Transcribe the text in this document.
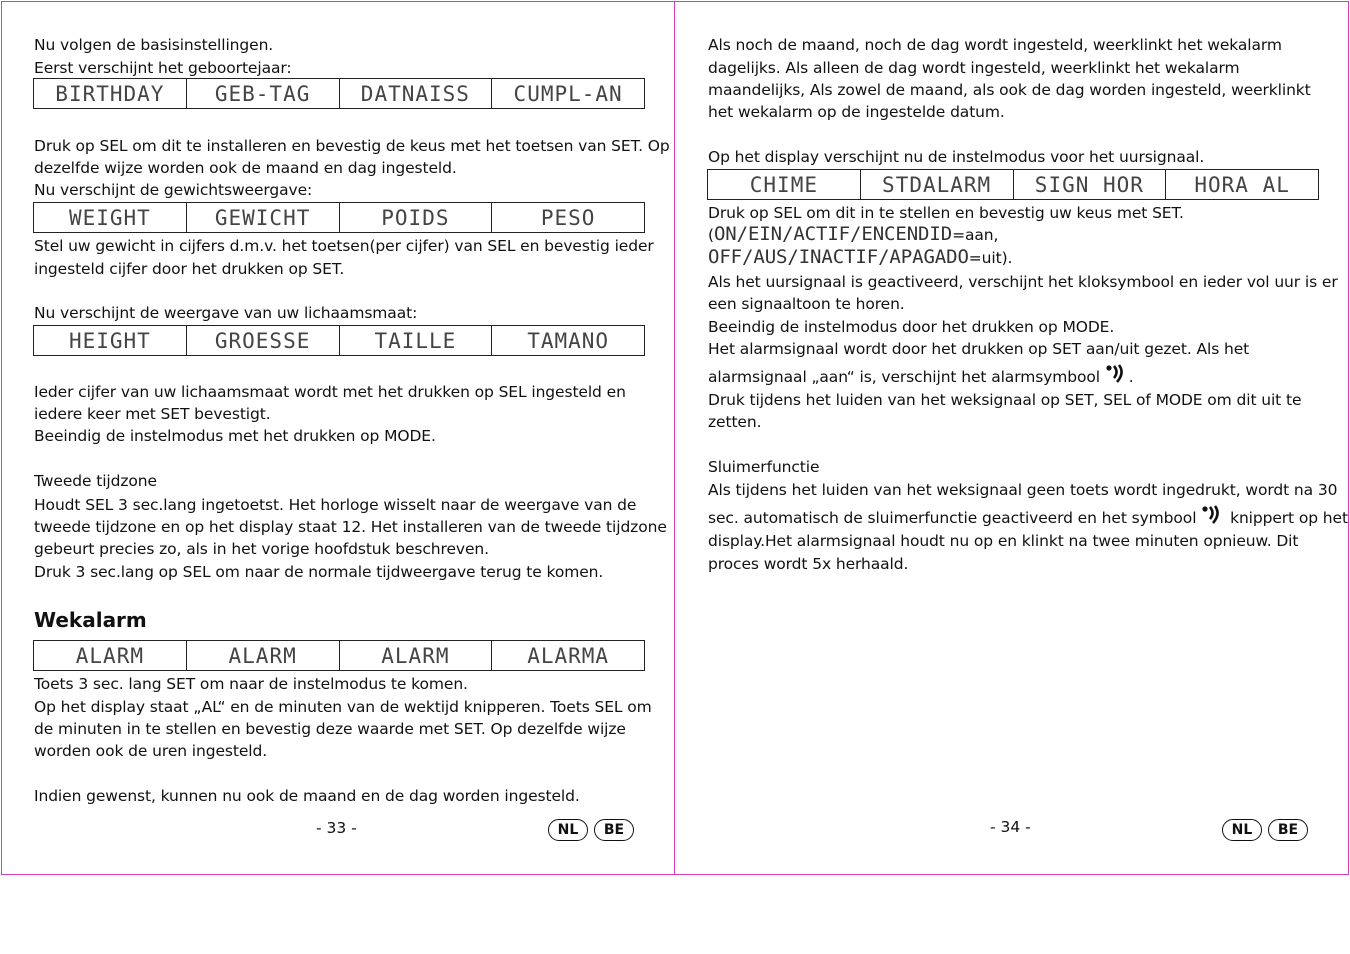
Nu volgen de basisinstellingen.
Eerst verschijnt het geboortejaar:
BIRTHDAY	GEB-TAG	DATNAISS	CUMPL-AN
Druk op SEL om dit te installeren en bevestig de keus met het toetsen van SET. Op
dezelfde wijze worden ook de maand en dag ingesteld.
Nu verschijnt de gewichtsweergave:
WEIGHT	GEWICHT	POIDS	PESO
Stel uw gewicht in cijfers d.m.v. het toetsen(per cijfer) van SEL en bevestig ieder
ingesteld cijfer door het drukken op SET.
Nu verschijnt de weergave van uw lichaamsmaat:
HEIGHT	GROESSE	TAILLE	TAMANO
Ieder cijfer van uw lichaamsmaat wordt met het drukken op SEL ingesteld en
iedere keer met SET bevestigt.
Beeindig de instelmodus met het drukken op MODE.
Tweede tijdzone
Houdt SEL 3 sec.lang ingetoetst. Het horloge wisselt naar de weergave van de
tweede tijdzone en op het display staat 12. Het installeren van de tweede tijdzone
gebeurt precies zo, als in het vorige hoofdstuk beschreven.
Druk 3 sec.lang op SEL om naar de normale tijdweergave terug te komen.
Wekalarm
ALARM	ALARM	ALARM	ALARMA
Toets 3 sec. lang SET om naar de instelmodus te komen.
Op het display staat „AL“ en de minuten van de wektijd knipperen. Toets SEL om
de minuten in te stellen en bevestig deze waarde met SET. Op dezelfde wijze
worden ook de uren ingesteld.
Indien gewenst, kunnen nu ook de maand en de dag worden ingesteld.
- 33 -	NL	BE
Als noch de maand, noch de dag wordt ingesteld, weerklinkt het wekalarm
dagelijks. Als alleen de dag wordt ingesteld, weerklinkt het wekalarm
maandelijks, Als zowel de maand, als ook de dag worden ingesteld, weerklinkt
het wekalarm op de ingestelde datum.
Op het display verschijnt nu de instelmodus voor het uursignaal.
CHIME	STDALARM	SIGN HOR	HORA AL
Druk op SEL om dit in te stellen en bevestig uw keus met SET.
(ON/EIN/ACTIF/ENCENDID=aan,
OFF/AUS/INACTIF/APAGADO=uit).
Als het uursignaal is geactiveerd, verschijnt het kloksymbool en ieder vol uur is er
een signaaltoon te horen.
Beeindig de instelmodus door het drukken op MODE.
Het alarmsignaal wordt door het drukken op SET aan/uit gezet. Als het
alarmsignaal „aan“ is, verschijnt het alarmsymbool .
Druk tijdens het luiden van het weksignaal op SET, SEL of MODE om dit uit te
zetten.
Sluimerfunctie
Als tijdens het luiden van het weksignaal geen toets wordt ingedrukt, wordt na 30
sec. automatisch de sluimerfunctie geactiveerd en het symbool knippert op het
display.Het alarmsignaal houdt nu op en klinkt na twee minuten opnieuw. Dit
proces wordt 5x herhaald.
- 34 -	NL	BE
